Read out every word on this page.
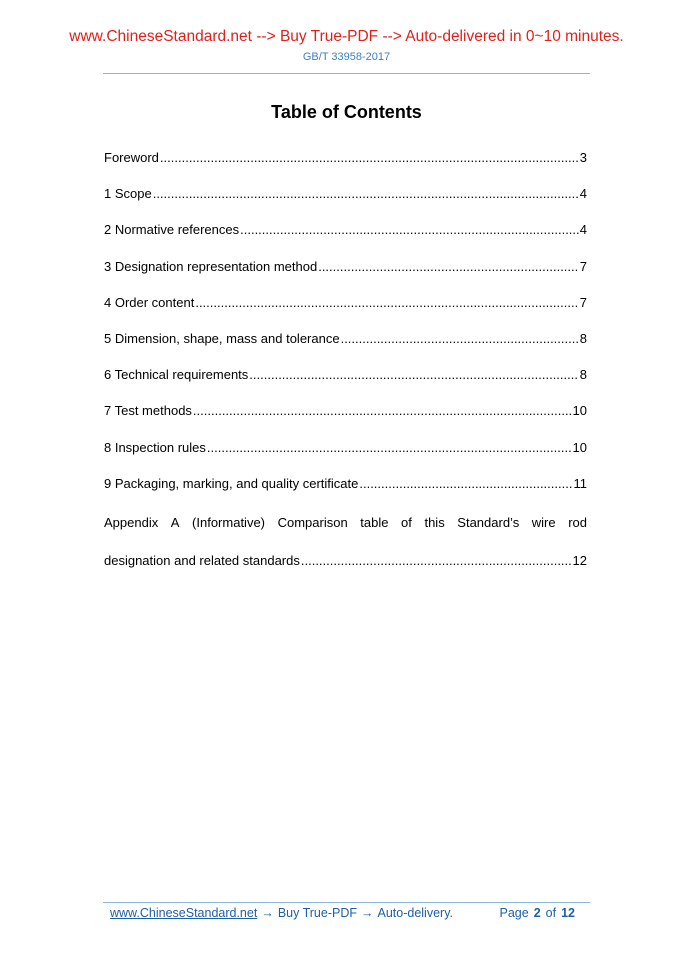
www.ChineseStandard.net --> Buy True-PDF --> Auto-delivered in 0~10 minutes.
GB/T 33958-2017
Table of Contents
Foreword .....	3
1 Scope .....	4
2 Normative references .....	4
3 Designation representation method .....	7
4 Order content .....	7
5 Dimension, shape, mass and tolerance .....	8
6 Technical requirements .....	8
7 Test methods .....	10
8 Inspection rules .....	10
9 Packaging, marking, and quality certificate .....	11
Appendix A (Informative) Comparison table of this Standard’s wire rod
designation and related standards .....	12
www.ChineseStandard.net → Buy True-PDF → Auto-delivery.	Page 2 of 12
